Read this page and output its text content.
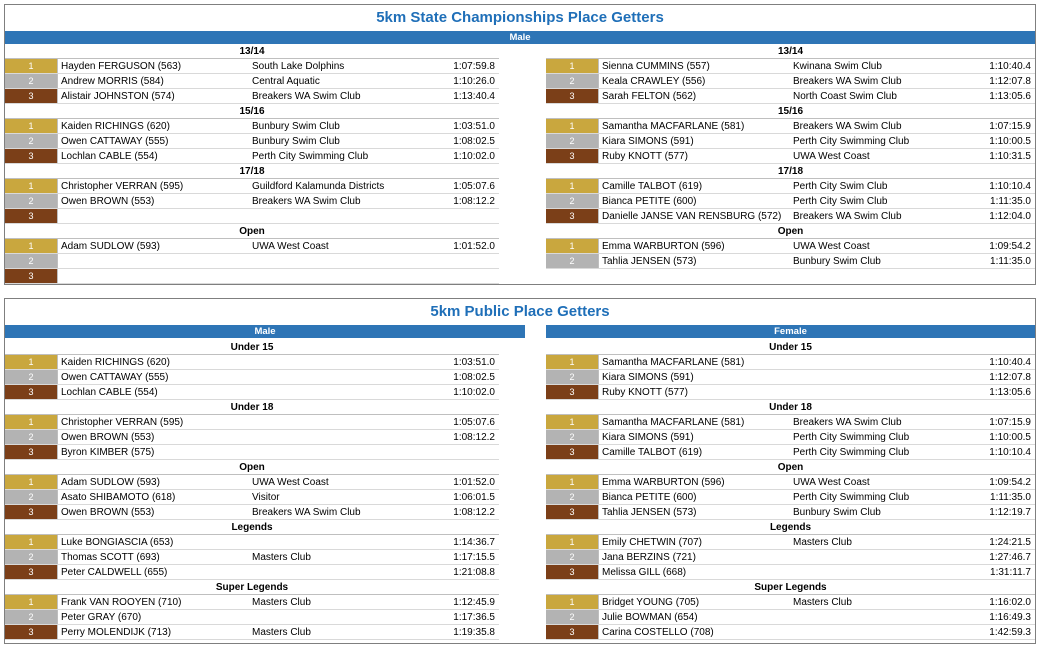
5km State Championships Place Getters
Male
13/14
1	Hayden FERGUSON (563)	South Lake Dolphins	1:07:59.8
2	Andrew MORRIS (584)	Central Aquatic	1:10:26.0
3	Alistair JOHNSTON (574)	Breakers WA Swim Club	1:13:40.4
15/16
1	Kaiden RICHINGS (620)	Bunbury Swim Club	1:03:51.0
2	Owen CATTAWAY (555)	Bunbury Swim Club	1:08:02.5
3	Lochlan CABLE (554)	Perth City Swimming Club	1:10:02.0
17/18
1	Christopher VERRAN (595)	Guildford Kalamunda Districts	1:05:07.6
2	Owen BROWN (553)	Breakers WA Swim Club	1:08:12.2
3
Open
1	Adam SUDLOW (593)	UWA West Coast	1:01:52.0
2
3
13/14
1	Sienna CUMMINS (557)	Kwinana Swim Club	1:10:40.4
2	Keala CRAWLEY (556)	Breakers WA Swim Club	1:12:07.8
3	Sarah FELTON (562)	North Coast Swim Club	1:13:05.6
15/16
1	Samantha MACFARLANE (581)	Breakers WA Swim Club	1:07:15.9
2	Kiara SIMONS (591)	Perth City Swimming Club	1:10:00.5
3	Ruby KNOTT (577)	UWA West Coast	1:10:31.5
17/18
1	Camille TALBOT (619)	Perth City Swim Club	1:10:10.4
2	Bianca PETITE (600)	Perth City Swim Club	1:11:35.0
3	Danielle JANSE VAN RENSBURG (572) Breakers WA Swim Club	1:12:04.0
Open
1	Emma WARBURTON (596)	UWA West Coast	1:09:54.2
2	Tahlia JENSEN (573)	Bunbury Swim Club	1:11:35.0
5km Public Place Getters
Male	Female
Under 15
1	Kaiden RICHINGS (620)	1:03:51.0
2	Owen CATTAWAY (555)	1:08:02.5
3	Lochlan CABLE (554)	1:10:02.0
Under 18
1	Christopher VERRAN (595)	1:05:07.6
2	Owen BROWN (553)	1:08:12.2
3	Byron KIMBER (575)
Open
1	Adam SUDLOW (593)	UWA West Coast	1:01:52.0
2	Asato SHIBAMOTO (618)	Visitor	1:06:01.5
3	Owen BROWN (553)	Breakers WA Swim Club	1:08:12.2
Legends
1	Luke BONGIASCIA (653)	1:14:36.7
2	Thomas SCOTT (693)	Masters Club	1:17:15.5
3	Peter CALDWELL (655)	1:21:08.8
Super Legends
1	Frank VAN ROOYEN (710)	Masters Club	1:12:45.9
2	Peter GRAY (670)	1:17:36.5
3	Perry MOLENDIJK (713)	Masters Club	1:19:35.8
Under 15
1	Samantha MACFARLANE (581)	1:10:40.4
2	Kiara SIMONS (591)	1:12:07.8
3	Ruby KNOTT (577)	1:13:05.6
Under 18
1	Samantha MACFARLANE (581)	Breakers WA Swim Club	1:07:15.9
2	Kiara SIMONS (591)	Perth City Swimming Club	1:10:00.5
3	Camille TALBOT (619)	Perth City Swimming Club	1:10:10.4
Open
1	Emma WARBURTON (596)	UWA West Coast	1:09:54.2
2	Bianca PETITE (600)	Perth City Swimming Club	1:11:35.0
3	Tahlia JENSEN (573)	Bunbury Swim Club	1:12:19.7
Legends
1	Emily CHETWIN (707)	Masters Club	1:24:21.5
2	Jana BERZINS (721)	1:27:46.7
3	Melissa GILL (668)	1:31:11.7
Super Legends
1	Bridget YOUNG (705)	Masters Club	1:16:02.0
2	Julie BOWMAN (654)	1:16:49.3
3	Carina COSTELLO (708)	1:42:59.3
